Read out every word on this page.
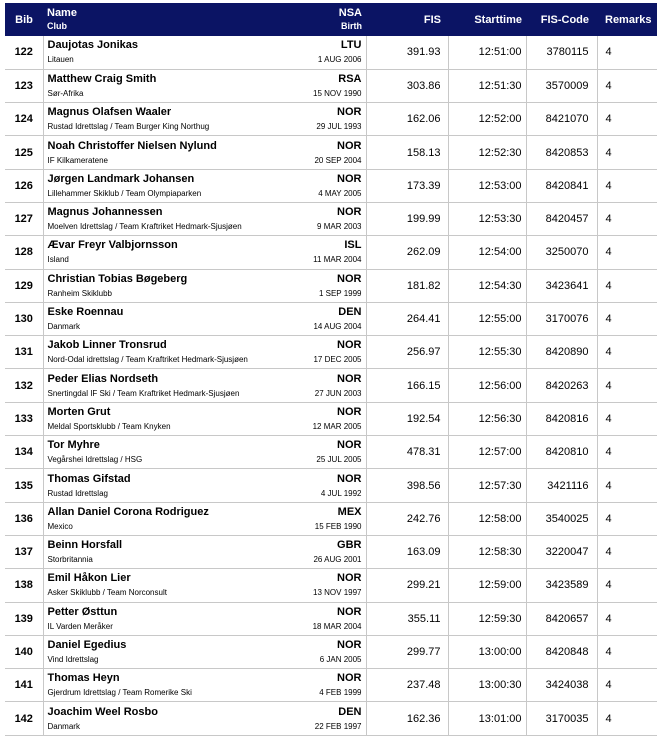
Bib	Name NSA
Club Birth	FIS	Starttime	FIS-Code	Remarks
122	Daujotas Jonikas LTU
Litauen 1 AUG 2006	391.93	12:51:00	3780115	4
123	Matthew Craig Smith RSA
Sør-Afrika 15 NOV 1990	303.86	12:51:30	3570009	4
124	Magnus Olafsen Waaler NOR
Rustad Idrettslag / Team Burger King Northug 29 JUL 1993	162.06	12:52:00	8421070	4
125	Noah Christoffer Nielsen Nylund NOR
IF Kilkameratene 20 SEP 2004	158.13	12:52:30	8420853	4
126	Jørgen Landmark Johansen NOR
Lillehammer Skiklub / Team Olympiaparken 4 MAY 2005	173.39	12:53:00	8420841	4
127	Magnus Johannessen NOR
Moelven Idrettslag / Team Kraftriket Hedmark-Sjusjøen 9 MAR 2003	199.99	12:53:30	8420457	4
128	Ævar Freyr Valbjornsson ISL
Island 11 MAR 2004	262.09	12:54:00	3250070	4
129	Christian Tobias Bøgeberg NOR
Ranheim Skiklubb 1 SEP 1999	181.82	12:54:30	3423641	4
130	Eske Roennau DEN
Danmark 14 AUG 2004	264.41	12:55:00	3170076	4
131	Jakob Linner Tronsrud NOR
Nord-Odal idrettslag / Team Kraftriket Hedmark-Sjusjøen 17 DEC 2005	256.97	12:55:30	8420890	4
132	Peder Elias Nordseth NOR
Snertingdal IF Ski / Team Kraftriket Hedmark-Sjusjøen 27 JUN 2003	166.15	12:56:00	8420263	4
133	Morten Grut NOR
Meldal Sportsklubb / Team Knyken 12 MAR 2005	192.54	12:56:30	8420816	4
134	Tor Myhre NOR
Vegårshei Idrettslag / HSG 25 JUL 2005	478.31	12:57:00	8420810	4
135	Thomas Gifstad NOR
Rustad Idrettslag 4 JUL 1992	398.56	12:57:30	3421116	4
136	Allan Daniel Corona Rodriguez MEX
Mexico 15 FEB 1990	242.76	12:58:00	3540025	4
137	Beinn Horsfall GBR
Storbritannia 26 AUG 2001	163.09	12:58:30	3220047	4
138	Emil Håkon Lier NOR
Asker Skiklubb / Team Norconsult 13 NOV 1997	299.21	12:59:00	3423589	4
139	Petter Østtun NOR
IL Varden Meråker 18 MAR 2004	355.11	12:59:30	8420657	4
140	Daniel Egedius NOR
Vind Idrettslag 6 JAN 2005	299.77	13:00:00	8420848	4
141	Thomas Heyn NOR
Gjerdrum Idrettslag / Team Romerike Ski 4 FEB 1999	237.48	13:00:30	3424038	4
142	Joachim Weel Rosbo DEN
Danmark 22 FEB 1997	162.36	13:01:00	3170035	4
